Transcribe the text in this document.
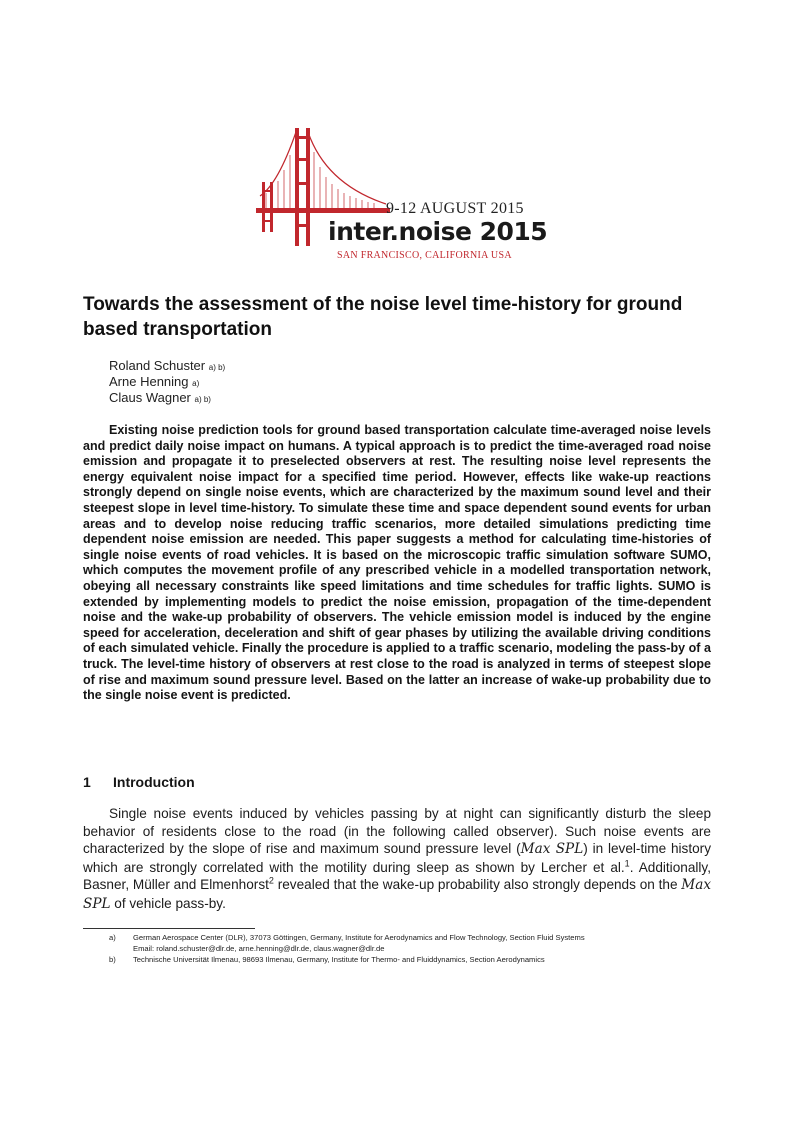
9-12 AUGUST 2015
inter.noise 2015
SAN FRANCISCO, CALIFORNIA USA
Towards the assessment of the noise level time-history for ground based transportation
Roland Schuster a) b)
Arne Henning a)
Claus Wagner a) b)

Existing noise prediction tools for ground based transportation calculate time-averaged noise levels and predict daily noise impact on humans. A typical approach is to predict the time-averaged road noise emission and propagate it to preselected observers at rest. The resulting noise level represents the energy equivalent noise impact for a specified time period. However, effects like wake-up reactions strongly depend on single noise events, which are characterized by the maximum sound level and their steepest slope in level time-history. To simulate these time and space dependent sound events for urban areas and to develop noise reducing traffic scenarios, more detailed simulations predicting time dependent noise emission are needed. This paper suggests a method for calculating time-histories of single noise events of road vehicles. It is based on the microscopic traffic simulation software SUMO, which computes the movement profile of any prescribed vehicle in a modelled transportation network, obeying all necessary constraints like speed limitations and time schedules for traffic lights. SUMO is extended by implementing models to predict the noise emission, propagation of the time-dependent noise and the wake-up probability of observers. The vehicle emission model is induced by the engine speed for acceleration, deceleration and shift of gear phases by utilizing the available driving conditions of each simulated vehicle. Finally the procedure is applied to a traffic scenario, modeling the pass-by of a truck. The level-time history of observers at rest close to the road is analyzed in terms of steepest slope of rise and maximum sound pressure level. Based on the latter an increase of wake-up probability due to the single noise event is predicted.

1 Introduction

Single noise events induced by vehicles passing by at night can significantly disturb the sleep behavior of residents close to the road (in the following called observer). Such noise events are characterized by the slope of rise and maximum sound pressure level (Max SPL) in level-time history which are strongly correlated with the motility during sleep as shown by Lercher et al.$^1$. Additionally, Basner, Müller and Elmenhorst$^2$ revealed that the wake-up probability also strongly depends on the Max SPL of vehicle pass-by.

a) German Aerospace Center (DLR), 37073 Göttingen, Germany, Institute for Aerodynamics and Flow Technology, Section Fluid Systems
Email: roland.schuster@dlr.de, arne.henning@dlr.de, claus.wagner@dlr.de
b) Technische Universität Ilmenau, 98693 Ilmenau, Germany, Institute for Thermo- and Fluiddynamics, Section Aerodynamics
